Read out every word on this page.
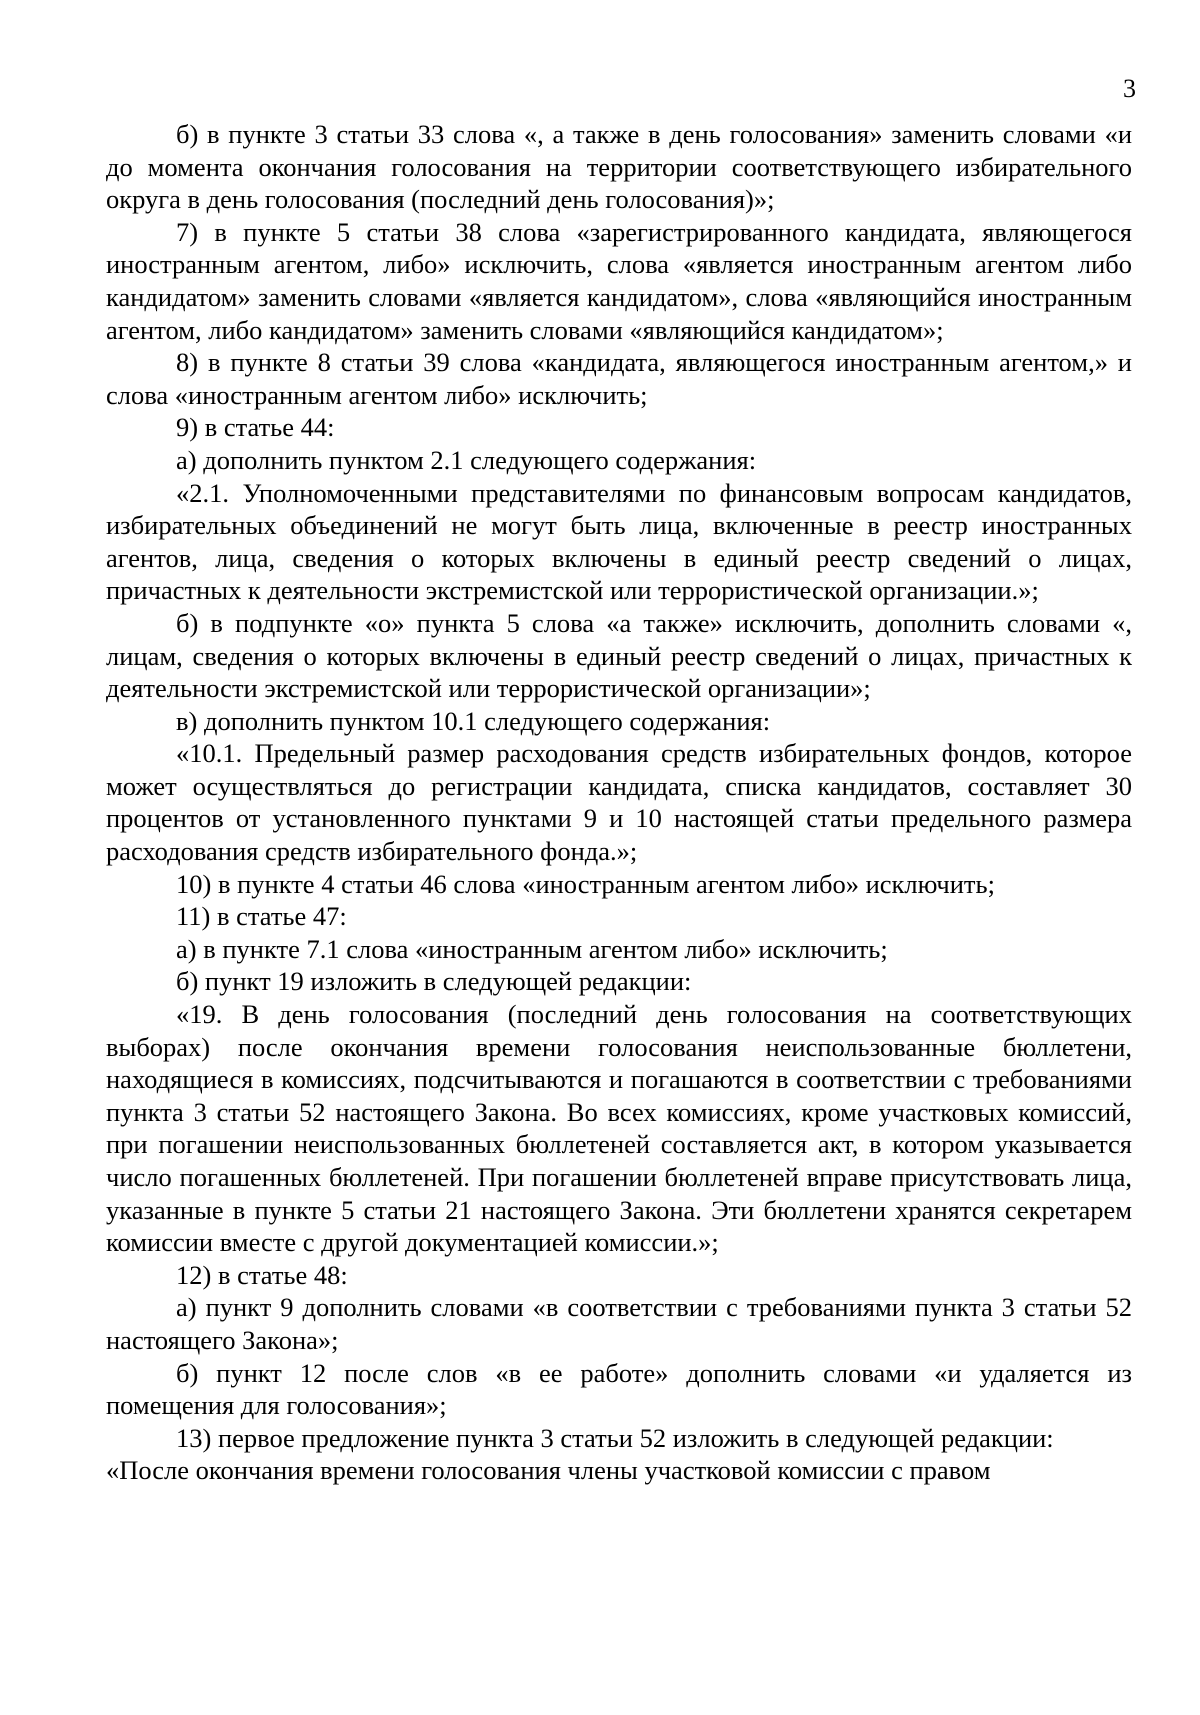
3

б) в пункте 3 статьи 33 слова «, а также в день голосования» заменить словами «и до момента окончания голосования на территории соответствующего избирательного округа в день голосования (последний день голосования)»;

7) в пункте 5 статьи 38 слова «зарегистрированного кандидата, являющегося иностранным агентом, либо» исключить, слова «является иностранным агентом либо кандидатом» заменить словами «является кандидатом», слова «являющийся иностранным агентом, либо кандидатом» заменить словами «являющийся кандидатом»;

8) в пункте 8 статьи 39 слова «кандидата, являющегося иностранным агентом,» и слова «иностранным агентом либо» исключить;

9) в статье 44:

а) дополнить пунктом 2.1 следующего содержания:

«2.1. Уполномоченными представителями по финансовым вопросам кандидатов, избирательных объединений не могут быть лица, включенные в реестр иностранных агентов, лица, сведения о которых включены в единый реестр сведений о лицах, причастных к деятельности экстремистской или террористической организации.»;

б) в подпункте «о» пункта 5 слова «а также» исключить, дополнить словами «, лицам, сведения о которых включены в единый реестр сведений о лицах, причастных к деятельности экстремистской или террористической организации»;

в) дополнить пунктом 10.1 следующего содержания:

«10.1. Предельный размер расходования средств избирательных фондов, которое может осуществляться до регистрации кандидата, списка кандидатов, составляет 30 процентов от установленного пунктами 9 и 10 настоящей статьи предельного размера расходования средств избирательного фонда.»;

10) в пункте 4 статьи 46 слова «иностранным агентом либо» исключить;

11) в статье 47:

а) в пункте 7.1 слова «иностранным агентом либо» исключить;

б) пункт 19 изложить в следующей редакции:

«19. В день голосования (последний день голосования на соответствующих выборах) после окончания времени голосования неиспользованные бюллетени, находящиеся в комиссиях, подсчитываются и погашаются в соответствии с требованиями пункта 3 статьи 52 настоящего Закона. Во всех комиссиях, кроме участковых комиссий, при погашении неиспользованных бюллетеней составляется акт, в котором указывается число погашенных бюллетеней. При погашении бюллетеней вправе присутствовать лица, указанные в пункте 5 статьи 21 настоящего Закона. Эти бюллетени хранятся секретарем комиссии вместе с другой документацией комиссии.»;

12) в статье 48:

а) пункт 9 дополнить словами «в соответствии с требованиями пункта 3 статьи 52 настоящего Закона»;

б) пункт 12 после слов «в ее работе» дополнить словами «и удаляется из помещения для голосования»;

13) первое предложение пункта 3 статьи 52 изложить в следующей редакции:

«После окончания времени голосования члены участковой комиссии с правом
